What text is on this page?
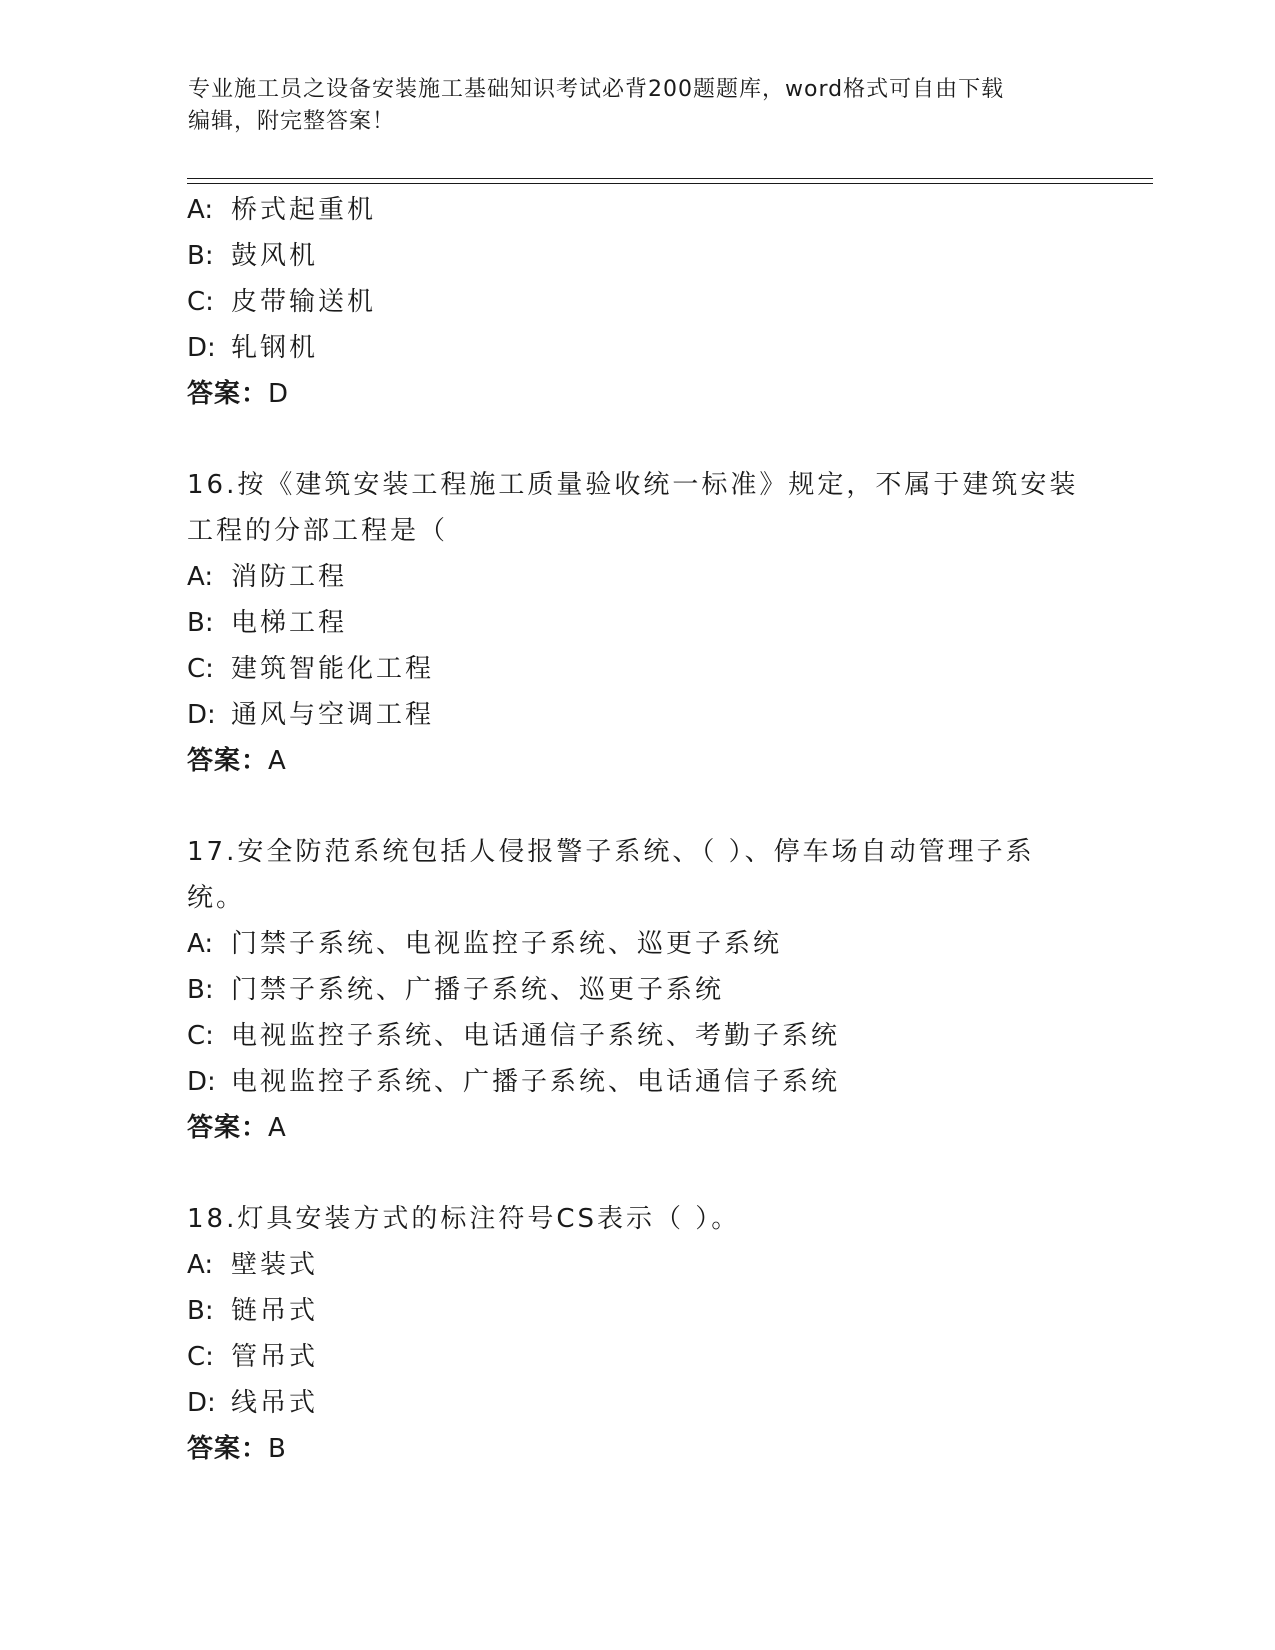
专业施工员之设备安装施工基础知识考试必背200题题库，word格式可自由下载
编辑，附完整答案！
A: 桥式起重机
B: 鼓风机
C: 皮带输送机
D: 轧钢机
答案：D
16.按《建筑安装工程施工质量验收统一标准》规定，不属于建筑安装
工程的分部工程是（
A: 消防工程
B: 电梯工程
C: 建筑智能化工程
D: 通风与空调工程
答案：A
17.安全防范系统包括人侵报警子系统、（ ）、停车场自动管理子系
统。
A: 门禁子系统、电视监控子系统、巡更子系统
B: 门禁子系统、广播子系统、巡更子系统
C: 电视监控子系统、电话通信子系统、考勤子系统
D: 电视监控子系统、广播子系统、电话通信子系统
答案：A
18.灯具安装方式的标注符号CS表示（ ）。
A: 壁装式
B: 链吊式
C: 管吊式
D: 线吊式
答案：B
